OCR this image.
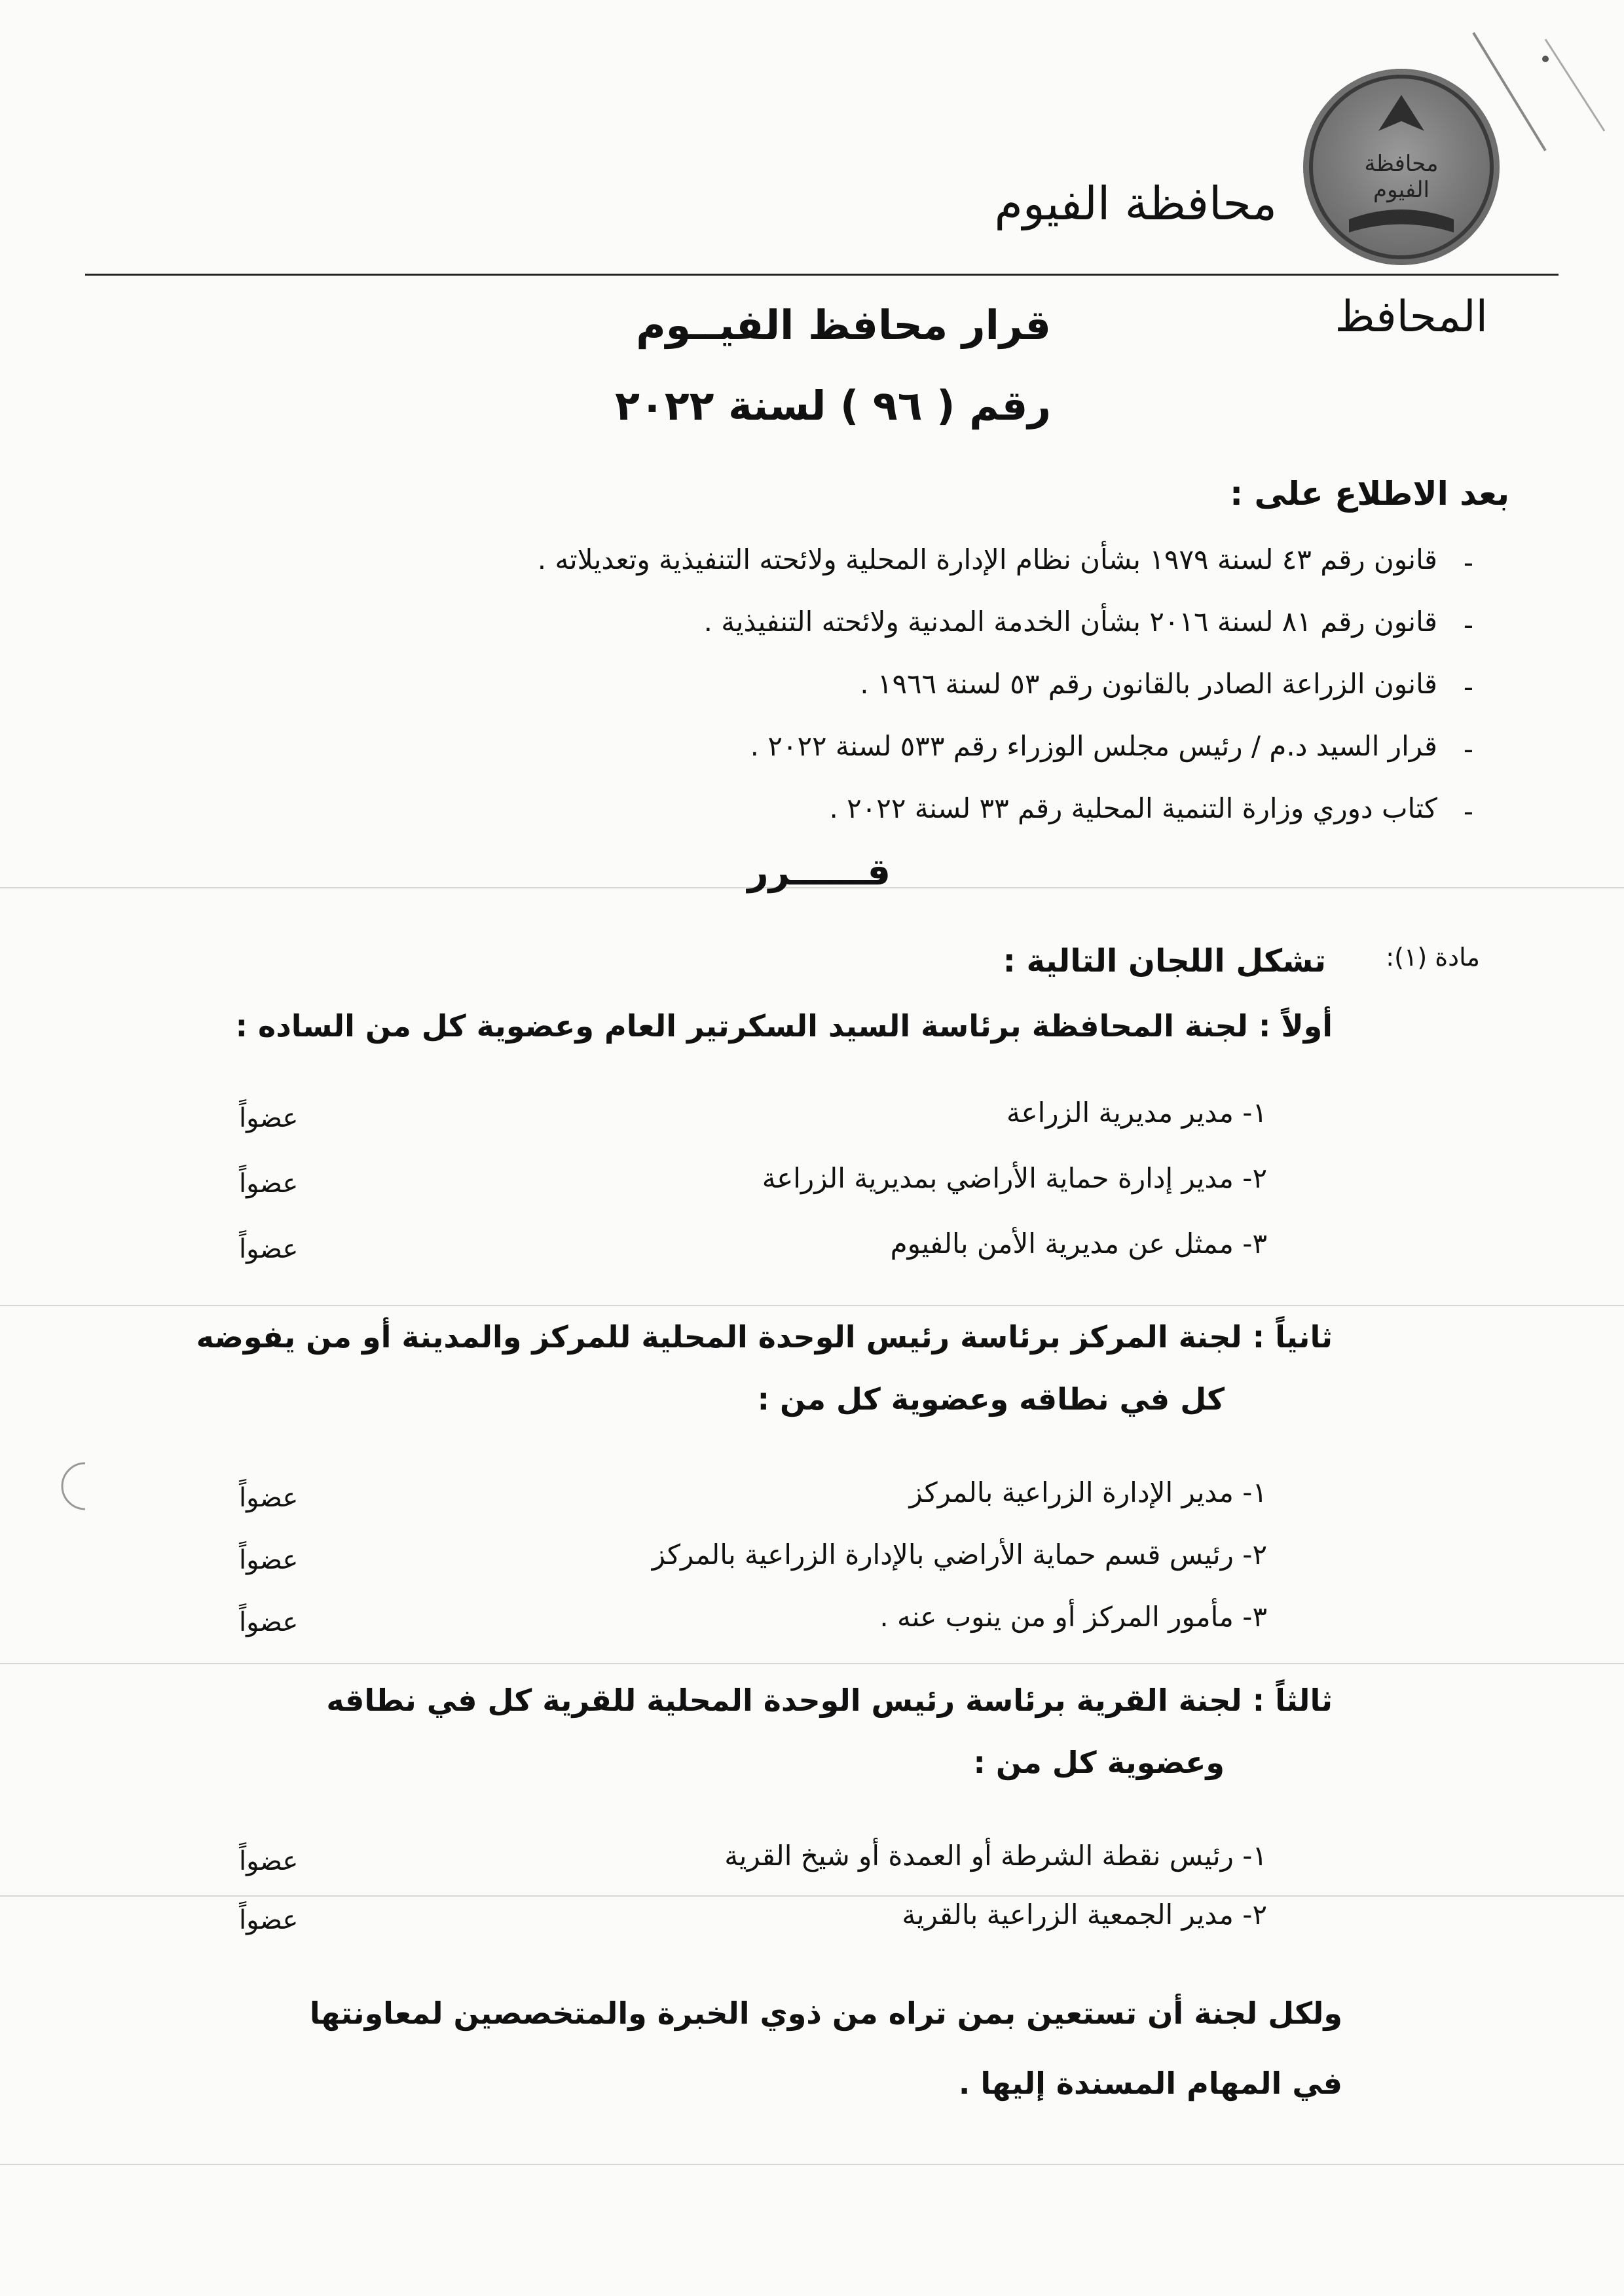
محافظة الفيوم
محافظة الفيوم
المحافظ
قرار محافظ الفيــوم
رقم ( ٩٦ ) لسنة ٢٠٢٢
بعد الاطلاع على :
-
قانون رقم ٤٣ لسنة ١٩٧٩ بشأن نظام الإدارة المحلية ولائحته التنفيذية وتعديلاته .
-
قانون رقم ٨١ لسنة ٢٠١٦ بشأن الخدمة المدنية ولائحته التنفيذية .
-
قانون الزراعة الصادر بالقانون رقم ٥٣ لسنة ١٩٦٦ .
-
قرار السيد د.م / رئيس مجلس الوزراء رقم ٥٣٣ لسنة ٢٠٢٢ .
-
كتاب دوري وزارة التنمية المحلية رقم ٣٣ لسنة ٢٠٢٢ .
قــــــرر
مادة (١):
تشكل اللجان التالية :
أولاً : لجنة المحافظة برئاسة السيد السكرتير العام وعضوية كل من الساده :
١- مدير مديرية الزراعة
عضواً
٢- مدير إدارة حماية الأراضي بمديرية الزراعة
عضواً
٣- ممثل عن مديرية الأمن بالفيوم
عضواً
ثانياً : لجنة المركز برئاسة رئيس الوحدة المحلية للمركز والمدينة أو من يفوضه
كل في نطاقه وعضوية كل من :
١- مدير الإدارة الزراعية بالمركز
عضواً
٢- رئيس قسم حماية الأراضي بالإدارة الزراعية بالمركز
عضواً
٣- مأمور المركز أو من ينوب عنه .
عضواً
ثالثاً : لجنة القرية برئاسة رئيس الوحدة المحلية للقرية كل في نطاقه
وعضوية كل من :
١- رئيس نقطة الشرطة أو العمدة أو شيخ القرية
عضواً
٢- مدير الجمعية الزراعية بالقرية
عضواً
ولكل لجنة أن تستعين بمن تراه من ذوي الخبرة والمتخصصين لمعاونتها
في المهام المسندة إليها .
